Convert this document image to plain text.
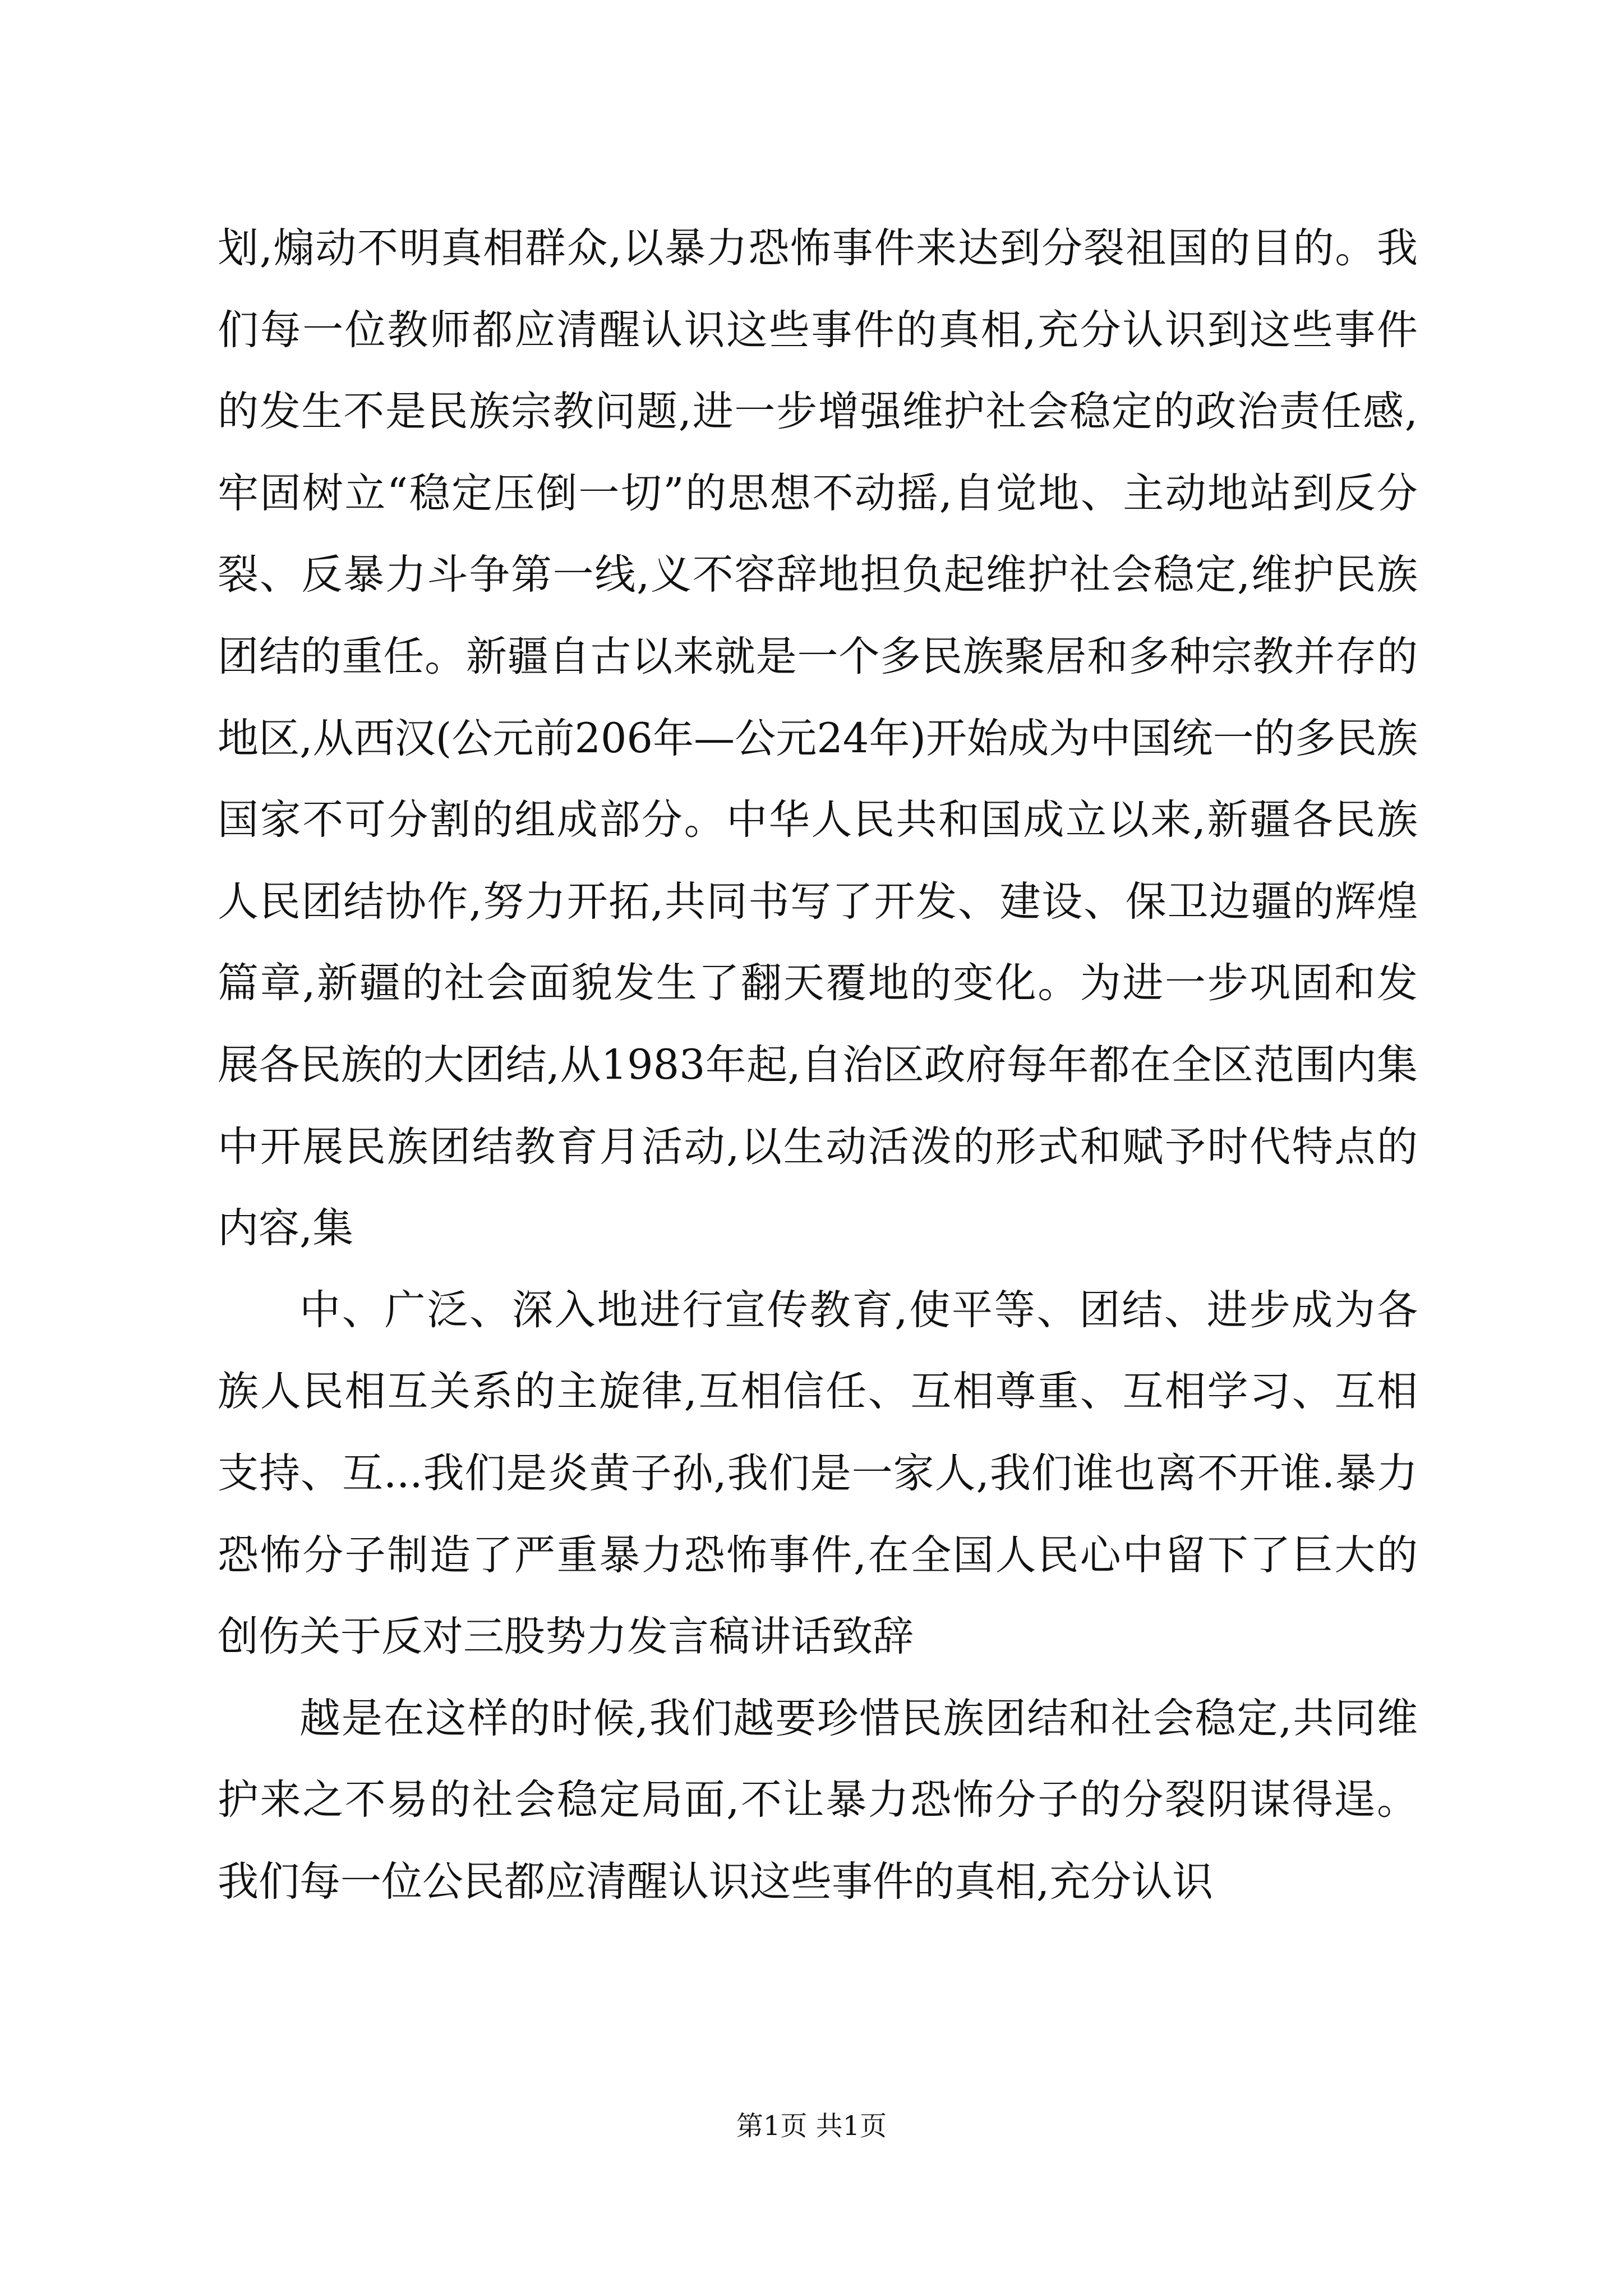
划,煽动不明真相群众,以暴力恐怖事件来达到分裂祖国的目的。我们每一位教师都应清醒认识这些事件的真相,充分认识到这些事件的发生不是民族宗教问题,进一步增强维护社会稳定的政治责任感,牢固树立“稳定压倒一切”的思想不动摇,自觉地、主动地站到反分裂、反暴力斗争第一线,义不容辞地担负起维护社会稳定,维护民族团结的重任。新疆自古以来就是一个多民族聚居和多种宗教并存的地区,从西汉(公元前206年—公元24年)开始成为中国统一的多民族国家不可分割的组成部分。中华人民共和国成立以来,新疆各民族人民团结协作,努力开拓,共同书写了开发、建设、保卫边疆的辉煌篇章,新疆的社会面貌发生了翻天覆地的变化。为进一步巩固和发展各民族的大团结,从1983年起,自治区政府每年都在全区范围内集中开展民族团结教育月活动,以生动活泼的形式和赋予时代特点的内容,集

中、广泛、深入地进行宣传教育,使平等、团结、进步成为各族人民相互关系的主旋律,互相信任、互相尊重、互相学习、互相支持、互...我们是炎黄子孙,我们是一家人,我们谁也离不开谁.暴力恐怖分子制造了严重暴力恐怖事件,在全国人民心中留下了巨大的创伤关于反对三股势力发言稿讲话致辞

越是在这样的时候,我们越要珍惜民族团结和社会稳定,共同维护来之不易的社会稳定局面,不让暴力恐怖分子的分裂阴谋得逞。我们每一位公民都应清醒认识这些事件的真相,充分认识

第1页 共1页
